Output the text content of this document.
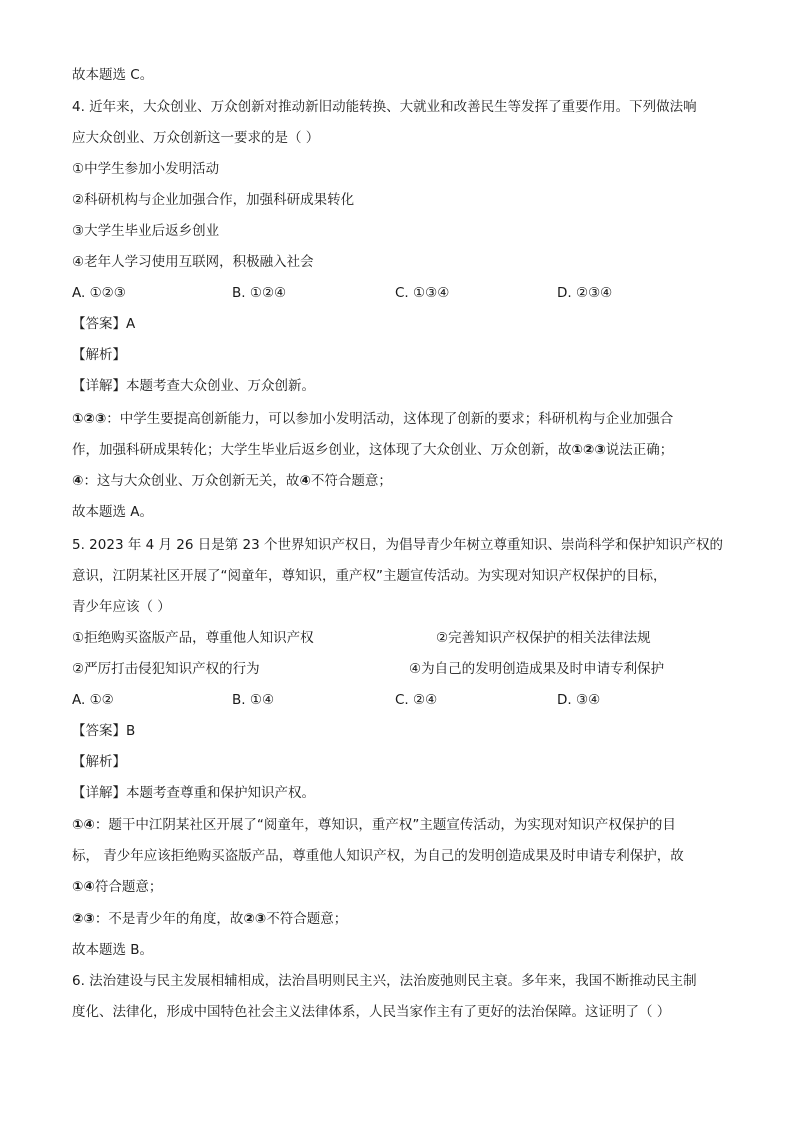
故本题选 C。
4. 近年来，大众创业、万众创新对推动新旧动能转换、大就业和改善民生等发挥了重要作用。下列做法响
应大众创业、万众创新这一要求的是（ ）
①中学生参加小发明活动
②科研机构与企业加强合作，加强科研成果转化
③大学生毕业后返乡创业
④老年人学习使用互联网，积极融入社会
A. ①②③	B. ①②④	C. ①③④	D. ②③④
【答案】A
【解析】
【详解】本题考查大众创业、万众创新。
①②③：中学生要提高创新能力，可以参加小发明活动，这体现了创新的要求；科研机构与企业加强合
作，加强科研成果转化；大学生毕业后返乡创业，这体现了大众创业、万众创新，故①②③说法正确；
④：这与大众创业、万众创新无关，故④不符合题意；
故本题选 A。
5. 2023 年 4 月 26 日是第 23 个世界知识产权日，为倡导青少年树立尊重知识、崇尚科学和保护知识产权的
意识，江阴某社区开展了“阅童年，尊知识，重产权”主题宣传活动。为实现对知识产权保护的目标，
青少年应该（ ）
①拒绝购买盗版产品，尊重他人知识产权	②完善知识产权保护的相关法律法规
②严厉打击侵犯知识产权的行为	④为自己的发明创造成果及时申请专利保护
A. ①②	B. ①④	C. ②④	D. ③④
【答案】B
【解析】
【详解】本题考查尊重和保护知识产权。
①④：题干中江阴某社区开展了“阅童年，尊知识，重产权”主题宣传活动，为实现对知识产权保护的目
标， 青少年应该拒绝购买盗版产品，尊重他人知识产权，为自己的发明创造成果及时申请专利保护，故
①④符合题意；
②③：不是青少年的角度，故②③不符合题意；
故本题选 B。
6. 法治建设与民主发展相辅相成，法治昌明则民主兴，法治废弛则民主衰。多年来，我国不断推动民主制
度化、法律化，形成中国特色社会主义法律体系，人民当家作主有了更好的法治保障。这证明了（ ）
